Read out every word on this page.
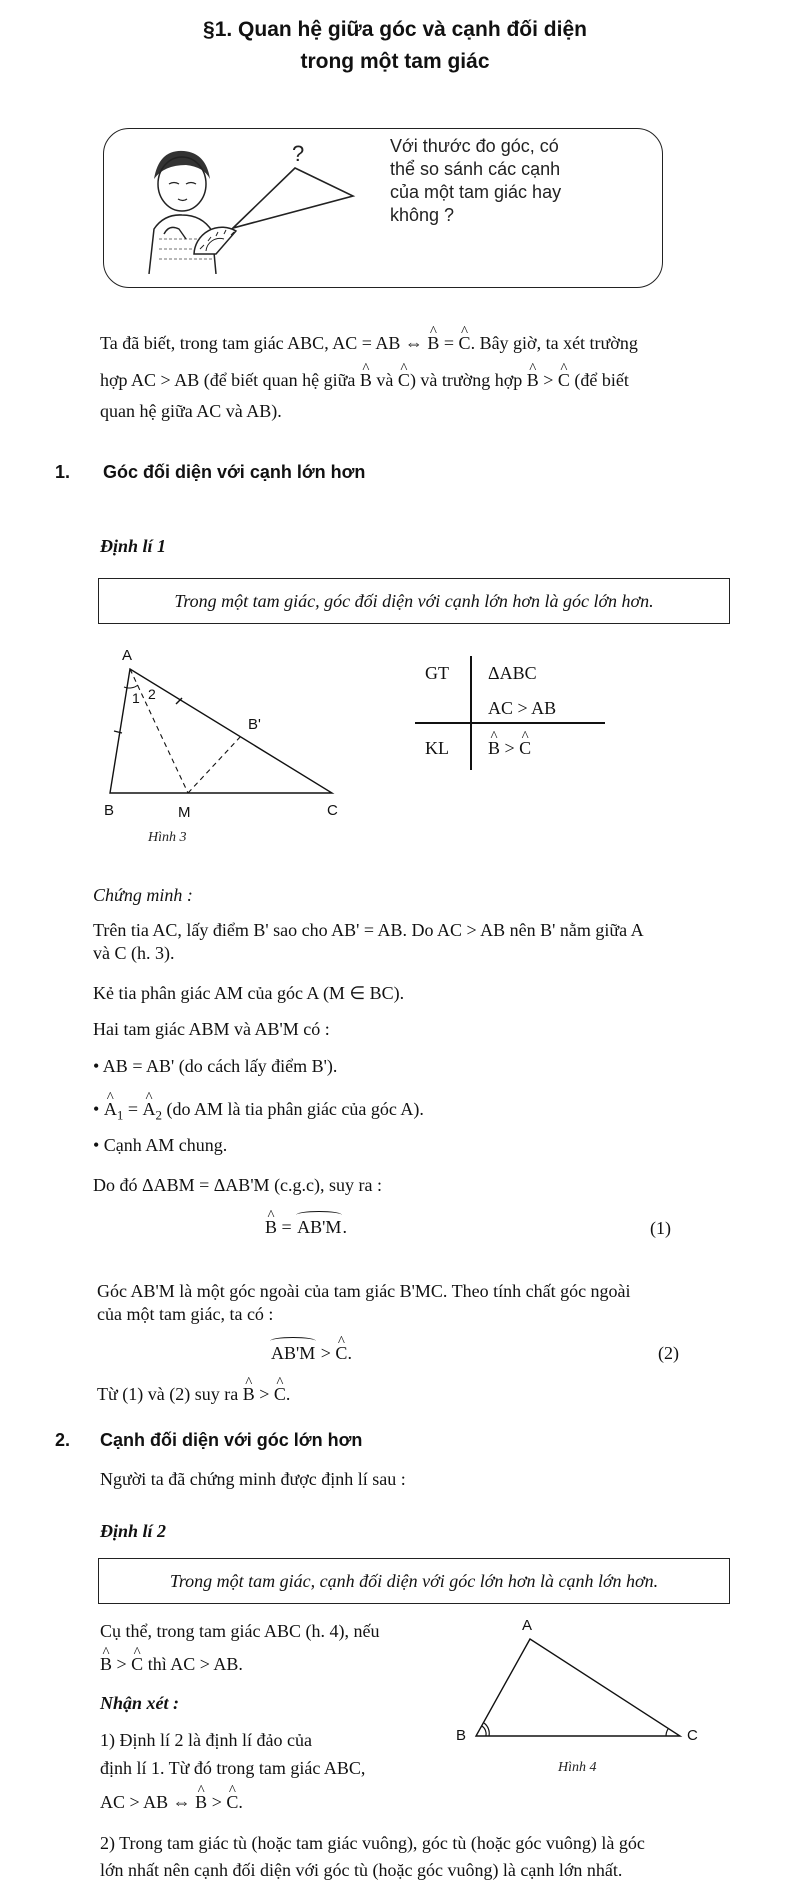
§1. Quan hệ giữa góc và cạnh đối diện
trong một tam giác
?	Với thước đo góc, có
thể so sánh các cạnh
của một tam giác hay
không ?
Ta đã biết, trong tam giác ABC, AC = AB ⇔ ^ B = ^ C. Bây giờ, ta xét trường
hợp AC > AB (để biết quan hệ giữa ^ B và ^ C) và trường hợp ^ B > ^ C (để biết
quan hệ giữa AC và AB).
1. Góc đối diện với cạnh lớn hơn
Định lí 1
Trong một tam giác, góc đối diện với cạnh lớn hơn là góc lớn hơn.
A
B	C
M
B'
1 2
Hình 3
GT ΔABC
AC > AB
KL
^ B > ^ C
Chứng minh :
Trên tia AC, lấy điểm B' sao cho AB' = AB. Do AC > AB nên B' nằm giữa A
và C (h. 3).
Kẻ tia phân giác AM của góc A (M ∈ BC).
Hai tam giác ABM và AB'M có :
• AB = AB' (do cách lấy điểm B').
• ^ $A_1$ = ^ $A_2$ (do AM là tia phân giác của góc A).
• Cạnh AM chung.
Do đó ΔABM = ΔAB'M (c.g.c), suy ra :
^ B = AB'M.	(1)
Góc AB'M là một góc ngoài của tam giác B'MC. Theo tính chất góc ngoài
của một tam giác, ta có :
AB'M > ^ C.	(2)
Từ (1) và (2) suy ra ^ B > ^ C.
2. Cạnh đối diện với góc lớn hơn
Người ta đã chứng minh được định lí sau :
Định lí 2
Trong một tam giác, cạnh đối diện với góc lớn hơn là cạnh lớn hơn.
Cụ thể, trong tam giác ABC (h. 4), nếu
^ B > ^ C thì AC > AB.
Nhận xét :
1) Định lí 2 là định lí đảo của
định lí 1. Từ đó trong tam giác ABC,
AC > AB ⇔ ^ B > ^ C.
2) Trong tam giác tù (hoặc tam giác vuông), góc tù (hoặc góc vuông) là góc
lớn nhất nên cạnh đối diện với góc tù (hoặc góc vuông) là cạnh lớn nhất.
A
B	C
Hình 4
